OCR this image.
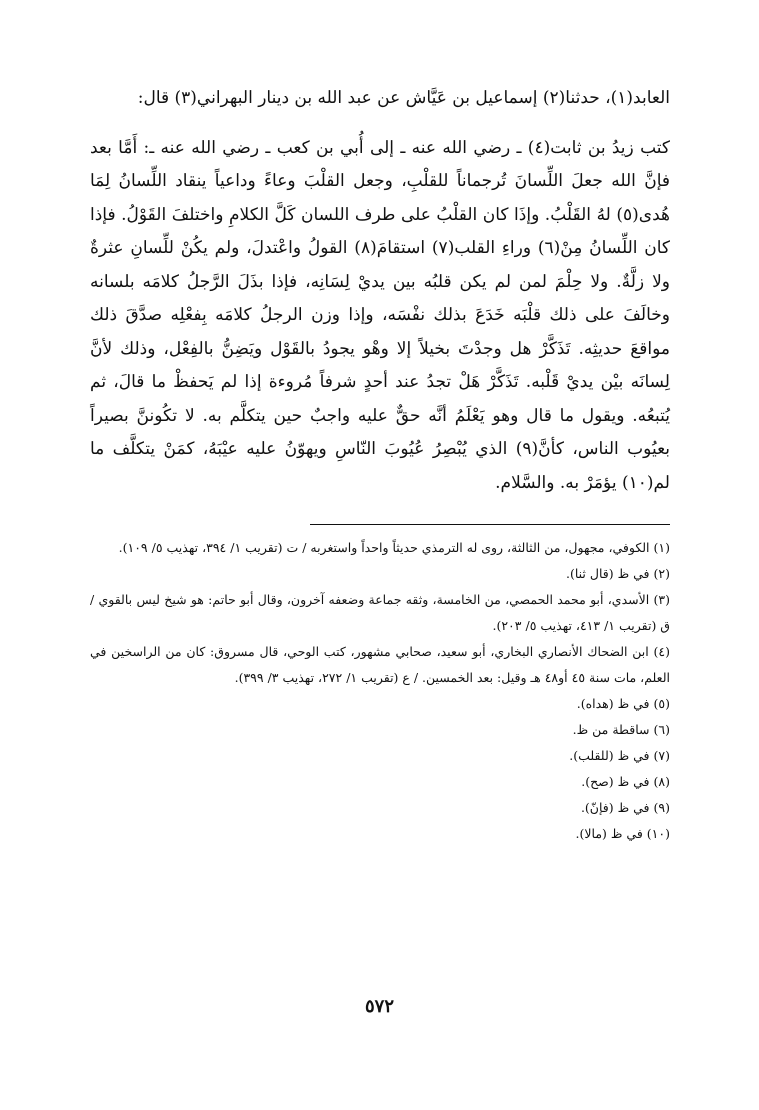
العابد(١)، حدثنا(٢) إسماعيل بن عَيَّاش عن عبد الله بن دينار البهراني(٣) قال:

كتب زيدُ بن ثابت(٤) ـ رضي الله عنه ـ إلى أُبي بن كعب ـ رضي الله عنه ـ: أَمَّا بعد فإنَّ الله جعلَ اللِّسانَ تُرجماناً للقلْبِ، وجعل القلْبَ وعاءً وداعياً ينقاد اللِّسانُ لِمَا هُدى(٥) لهُ القَلْبُ. وإذَا كان القلْبُ على طرف اللسان كَلَّ الكلامِ واختلفَ القَوْلُ. فإذا كان اللِّسانُ مِنْ(٦) وراءِ القلب(٧) استقامَ(٨) القولُ واعْتدلَ، ولم يكُنْ للِّسانِ عثرةٌ ولا زلَّةٌ. ولا حِلْمَ لمن لم يكن قلبُه بين يديْ لِسَانِه، فإذا بذَلَ الرَّجلُ كلامَه بلسانه وخالَفَ على ذلك قلْبَه خَدَعَ بذلك نفْسَه، وإذا وزن الرجلُ كلامَه بِفعْلِه صدَّقَ ذلك مواقعَ حديثِه. تَذَكَّرْ هل وجدْتَ بخيلاً إلا وهْو يجودُ بالقَوْل ويَضِنُّ بالفِعْل، وذلك لأنَّ لِسانَه بيْن يديْ قَلْبه. تَذَكَّرْ هَلْ تجدُ عند أحدٍ شرفاً مُروءة إذا لم يَحفظْ ما قالَ، ثم يُتبعُه. ويقول ما قال وهو يَعْلَمُ أنَّه حقٌّ عليه واجبٌ حين يتكلَّم به. لا تكُوننَّ بصيراً بعيُوب الناس، كأنَّ(٩) الذي يُبْصِرُ عُيُوبَ النّاسِ ويهوّنُ عليه عيْبَهُ، كمَنْ يتكلَّف ما لم(١٠) يؤمَرْ به. والسَّلام.

(١) الكوفي، مجهول، من الثالثة، روى له الترمذي حديثاً واحداً واستغربه / ت (تقريب ١/ ٣٩٤، تهذيب ٥/ ١٠٩).

(٢) في ظ (قال ثنا).

(٣) الأسدي، أبو محمد الحمصي، من الخامسة، وثقه جماعة وضعفه آخرون، وقال أبو حاتم: هو شيخ ليس بالقوي / ق (تقريب ١/ ٤١٣، تهذيب ٥/ ٢٠٣).

(٤) ابن الضحاك الأنصاري البخاري، أبو سعيد، صحابي مشهور، كتب الوحي، قال مسروق: كان من الراسخين في العلم، مات سنة ٤٥ أو٤٨ هـ وقيل: بعد الخمسين. / ع (تقريب ١/ ٢٧٢، تهذيب ٣/ ٣٩٩).

(٥) في ظ (هداه).

(٦) ساقطة من ظ.

(٧) في ظ (للقلب).

(٨) في ظ (صح).

(٩) في ظ (فإنّ).

(١٠) في ظ (مالا).

٥٧٢
